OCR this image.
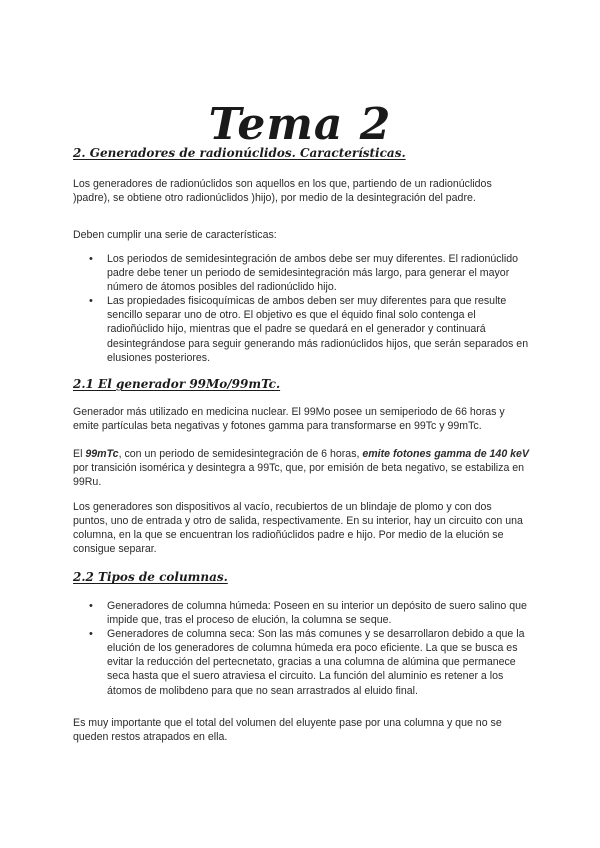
Tema 2
2. Generadores de radionúclidos. Características.

Los generadores de radionúclidos son aquellos en los que, partiendo de un radionúclidos )padre), se obtiene otro radionúclidos )hijo), por medio de la desintegración del padre.

Deben cumplir una serie de características:

• Los periodos de semidesintegración de ambos debe ser muy diferentes. El radionúclido padre debe tener un periodo de semidesintegración más largo, para generar el mayor número de átomos posibles del radionúclido hijo.
• Las propiedades fisicoquímicas de ambos deben ser muy diferentes para que resulte sencillo separar uno de otro. El objetivo es que el équido final solo contenga el radioñúclido hijo, mientras que el padre se quedará en el generador y continuará desintegrándose para seguir generando más radionúclidos hijos, que serán separados en elusiones posteriores.
2.1 El generador 99Mo/99mTc.

Generador más utilizado en medicina nuclear. El 99Mo posee un semiperiodo de 66 horas y emite partículas beta negativas y fotones gamma para transformarse en 99Tc y 99mTc.

El 99mTc, con un periodo de semidesintegración de 6 horas, emite fotones gamma de 140 keV por transición isomérica y desintegra a 99Tc, que, por emisión de beta negativo, se estabiliza en 99Ru.

Los generadores son dispositivos al vacío, recubiertos de un blindaje de plomo y con dos puntos, uno de entrada y otro de salida, respectivamente. En su interior, hay un circuito con una columna, en la que se encuentran los radioñúclidos padre e hijo. Por medio de la elución se consigue separar.

2.2 Tipos de columnas.
• Generadores de columna húmeda: Poseen en su interior un depósito de suero salino que impide que, tras el proceso de elución, la columna se seque.
• Generadores de columna seca: Son las más comunes y se desarrollaron debido a que la elución de los generadores de columna húmeda era poco eficiente. La que se busca es evitar la reducción del pertecnetato, gracias a una columna de alúmina que permanece seca hasta que el suero atraviesa el circuito. La función del aluminio es retener a los átomos de molibdeno para que no sean arrastrados al eluido final.

Es muy importante que el total del volumen del eluyente pase por una columna y que no se queden restos atrapados en ella.
